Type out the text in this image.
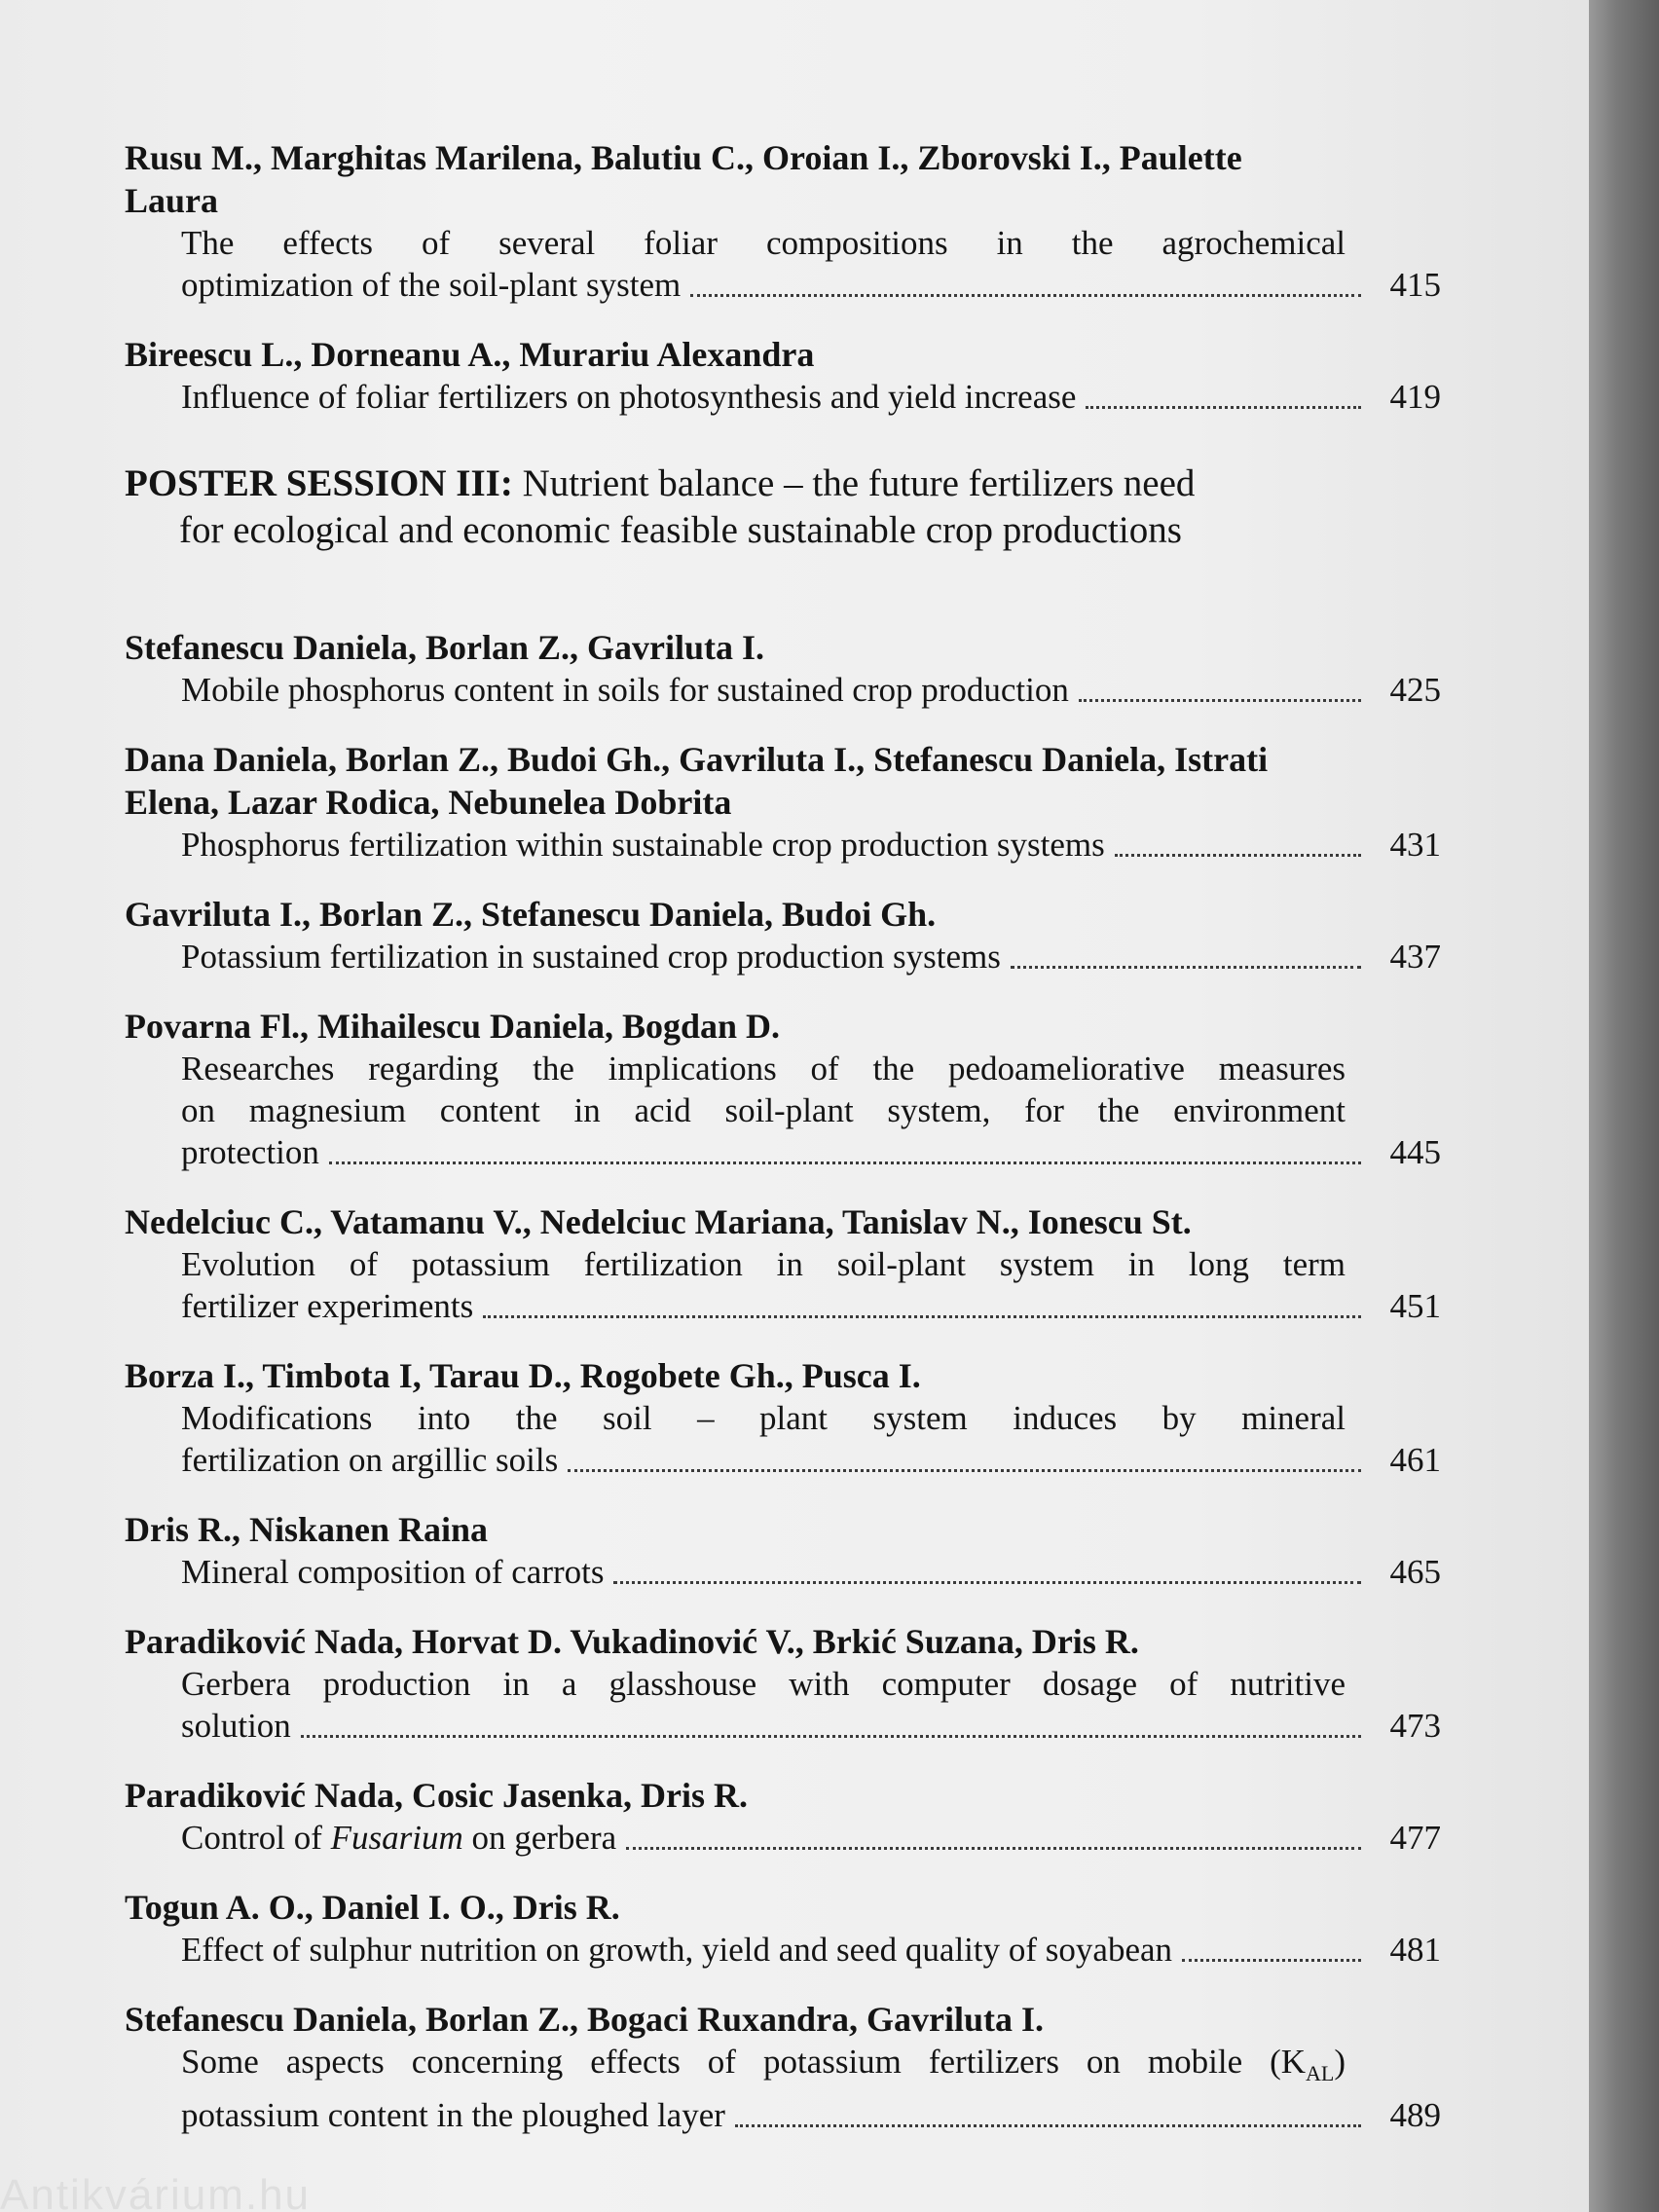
Rusu M., Marghitas Marilena, Balutiu C., Oroian I., Zborovski I., Paulette Laura
The effects of several foliar compositions in the agrochemical
optimization of the soil-plant system	415
Bireescu L., Dorneanu A., Murariu Alexandra
Influence of foliar fertilizers on photosynthesis and yield increase	419
POSTER SESSION III: Nutrient balance – the future fertilizers need
for ecological and economic feasible sustainable crop productions
Stefanescu Daniela, Borlan Z., Gavriluta I.
Mobile phosphorus content in soils for sustained crop production	425
Dana Daniela, Borlan Z., Budoi Gh., Gavriluta I., Stefanescu Daniela, Istrati Elena, Lazar Rodica, Nebunelea Dobrita
Phosphorus fertilization within sustainable crop production systems	431
Gavriluta I., Borlan Z., Stefanescu Daniela, Budoi Gh.
Potassium fertilization in sustained crop production systems	437
Povarna Fl., Mihailescu Daniela, Bogdan D.
Researches regarding the implications of the pedoameliorative measures
on magnesium content in acid soil-plant system, for the environment
protection	445
Nedelciuc C., Vatamanu V., Nedelciuc Mariana, Tanislav N., Ionescu St.
Evolution of potassium fertilization in soil-plant system in long term
fertilizer experiments	451
Borza I., Timbota I, Tarau D., Rogobete Gh., Pusca I.
Modifications into the soil – plant system induces by mineral
fertilization on argillic soils	461
Dris R., Niskanen Raina
Mineral composition of carrots	465
Paradiković Nada, Horvat D. Vukadinović V., Brkić Suzana, Dris R.
Gerbera production in a glasshouse with computer dosage of nutritive
solution	473
Paradiković Nada, Cosic Jasenka, Dris R.
Control of Fusarium on gerbera	477
Togun A. O., Daniel I. O., Dris R.
Effect of sulphur nutrition on growth, yield and seed quality of soyabean	481
Stefanescu Daniela, Borlan Z., Bogaci Ruxandra, Gavriluta I.
Some aspects concerning effects of potassium fertilizers on mobile $(K_{AL})$
potassium content in the ploughed layer	489
Antikvárium.hu
